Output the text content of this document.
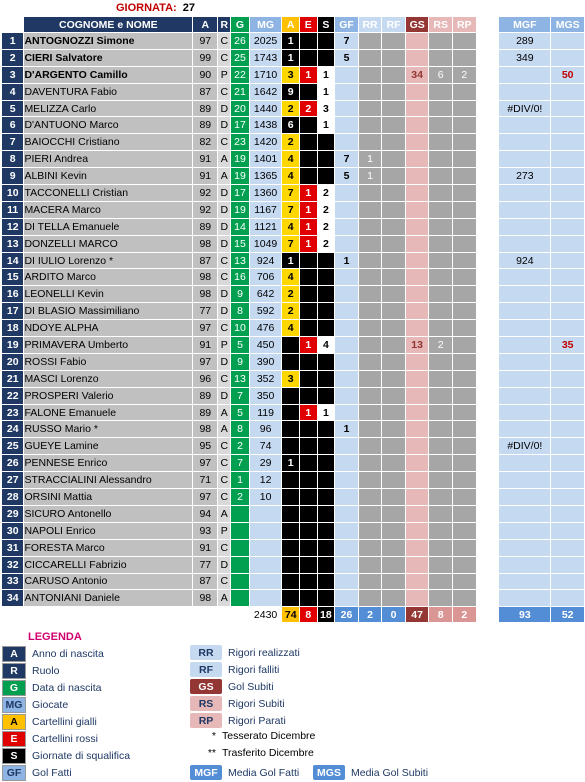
GIORNATA: 27
	COGNOME e NOME	A	R	G	MG	A	E	S	GF	RR	RF	GS	RS	RP		MGF	MGS
1	ANTOGNOZZI Simone	97	C	26	2025	1			7							289	
2	CIERI Salvatore	99	C	25	1743	1			5							349	
3	D'ARGENTO Camillo	90	P	22	1710	3	1	1				34	6	2			50
4	DAVENTURA Fabio	87	C	21	1642	9		1									
5	MELIZZA Carlo	89	D	20	1440	2	2	3								#DIV/0!	
6	D'ANTUONO Marco	89	D	17	1438	6		1									
7	BAIOCCHI Cristiano	82	C	23	1420	2											
8	PIERI Andrea	91	A	19	1401	4			7	1							
9	ALBINI Kevin	91	A	19	1365	4			5	1						273	
10	TACCONELLI Cristian	92	D	17	1360	7	1	2									
11	MACERA Marco	92	D	19	1167	7	1	2									
12	DI TELLA Emanuele	89	D	14	1121	4	1	2									
13	DONZELLI MARCO	98	D	15	1049	7	1	2									
14	DI IULIO Lorenzo *	87	C	13	924	1			1							924	
15	ARDITO Marco	98	C	16	706	4											
16	LEONELLI Kevin	98	D	9	642	2											
17	DI BLASIO Massimiliano	77	D	8	592	2											
18	NDOYE ALPHA	97	C	10	476	4											
19	PRIMAVERA Umberto	91	P	5	450		1	4				13	2				35
20	ROSSI Fabio	97	D	9	390												
21	MASCI Lorenzo	96	C	13	352	3											
22	PROSPERI Valerio	89	D	7	350												
23	FALONE Emanuele	89	A	5	119		1	1									
24	RUSSO Mario *	98	A	8	96				1								
25	GUEYE Lamine	95	C	2	74											#DIV/0!	
26	PENNESE Enrico	97	C	7	29	1											
27	STRACCIALINI Alessandro	71	C	1	12												
28	ORSINI Mattia	97	C	2	10												
29	SICURO Antonello	94	A														
30	NAPOLI Enrico	93	P														
31	FORESTA Marco	91	C														
32	CICCARELLI Fabrizio	77	D														
33	CARUSO Antonio	87	C														
34	ANTONIANI Daniele	98	A														
					2430	74	8	18	26	2	0	47	8	2		93	52
LEGENDA
A	Anno di nascita
R	Ruolo
G	Data di nascita
MG Giocate
A	Cartellini gialli
E	Cartellini rossi
S	Giornate di squalifica
GF	Gol Fatti
RR	Rigori realizzati
RF	Rigori falliti
GS	Gol Subiti
RS	Rigori Subiti
RP	Rigori Parati
* Tesserato Dicembre
** Trasferito Dicembre
MGF Media Gol Fatti	MGS Media Gol Subiti
